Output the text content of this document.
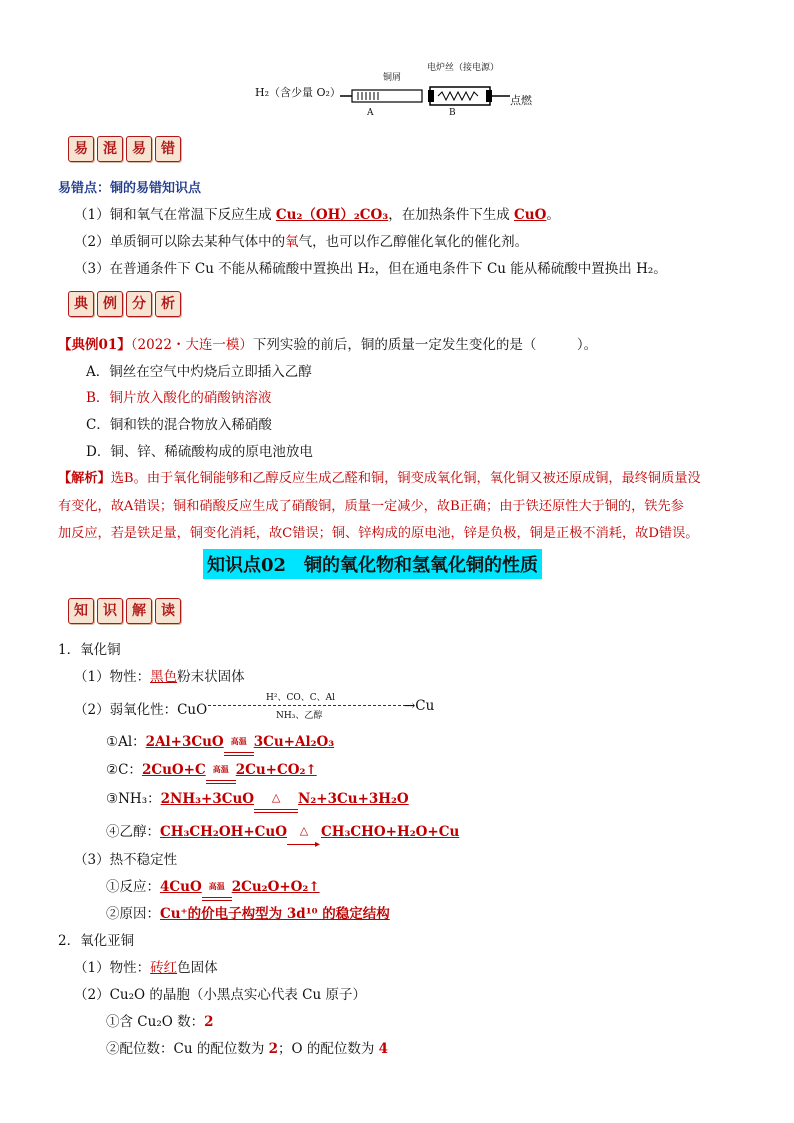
H₂（含少量 O₂）
铜屑
电炉丝（接电源）
A	B
点燃
易	混	易	错
易错点：铜的易错知识点
（1）铜和氧气在常温下反应生成 Cu₂（OH）₂CO₃，在加热条件下生成 CuO。
（2）单质铜可以除去某种气体中的氧气，也可以作乙醇催化氧化的催化剂。
（3）在普通条件下 Cu 不能从稀硫酸中置换出 H₂，但在通电条件下 Cu 能从稀硫酸中置换出 H₂。
典	例	分	析
【典例01】（2022・大连一模）下列实验的前后，铜的质量一定发生变化的是（　　　）。
A．铜丝在空气中灼烧后立即插入乙醇
B．铜片放入酸化的硝酸钠溶液
C．铜和铁的混合物放入稀硝酸
D．铜、锌、稀硫酸构成的原电池放电
【解析】选B。由于氧化铜能够和乙醇反应生成乙醛和铜，铜变成氧化铜，氧化铜又被还原成铜，最终铜质量没
有变化，故A错误；铜和硝酸反应生成了硝酸铜，质量一定减少，故B正确；由于铁还原性大于铜的，铁先参
加反应，若是铁足量，铜变化消耗，故C错误；铜、锌构成的原电池，锌是负极，铜是正极不消耗，故D错误。
知识点02　铜的氧化物和氢氧化铜的性质
知	识	解	读
1．氧化铜
（1）物性：黑色粉末状固体
（2）弱氧化性：CuO
H²、CO、C、Al
NH₃、乙醇
→Cu
①Al：2Al+3CuO 高温 3Cu+Al₂O₃
②C：2CuO+C 高温 2Cu+CO₂↑
③NH₃：2NH₃+3CuO	△	N₂+3Cu+3H₂O
④乙醇：CH₃CH₂OH+CuO	△
▸
CH₃CHO+H₂O+Cu
（3）热不稳定性
①反应：4CuO 高温 2Cu₂O+O₂↑
②原因：Cu⁺的价电子构型为 3d¹⁰ 的稳定结构
2．氧化亚铜
（1）物性：砖红色固体
（2）Cu₂O 的晶胞（小黑点实心代表 Cu 原子）
①含 Cu₂O 数：2
②配位数：Cu 的配位数为 2；O 的配位数为 4
